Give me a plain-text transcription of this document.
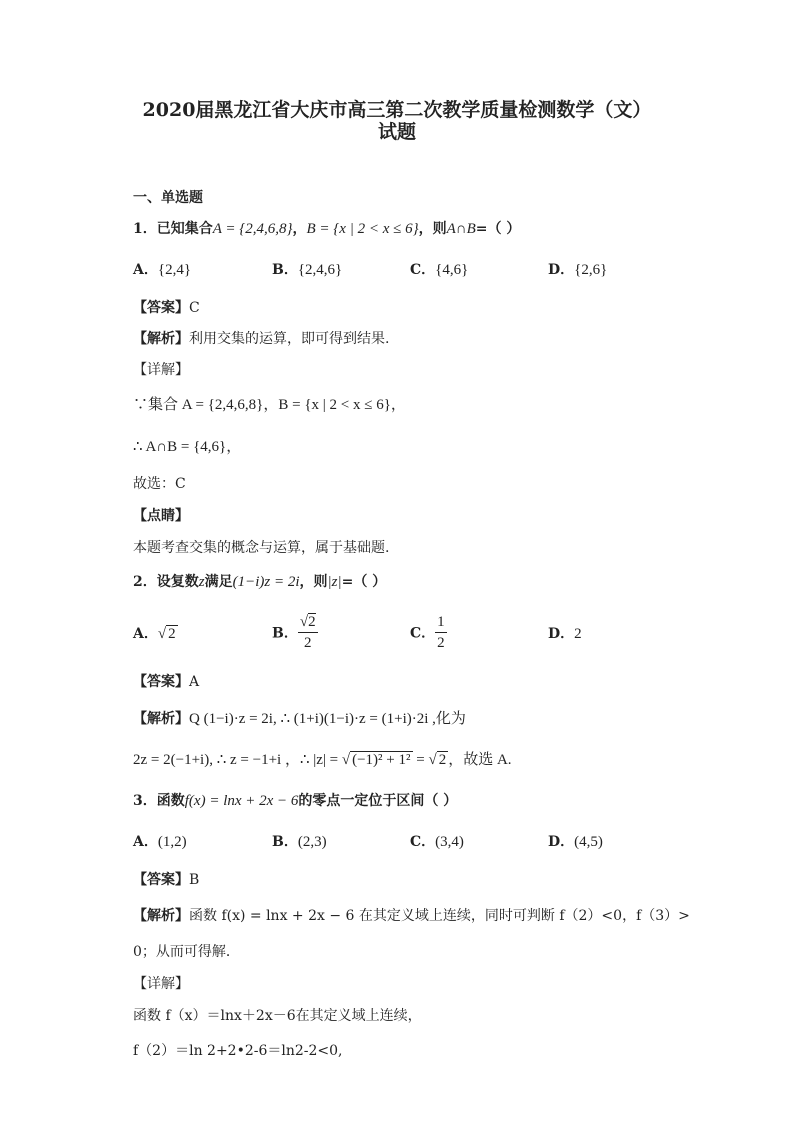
2020届黑龙江省大庆市高三第二次教学质量检测数学（文）
试题
一、单选题
1．已知集合A = {2,4,6,8}，B = {x | 2 < x ≤ 6}，则A∩B=（ ）
A．{2,4}	B．{2,4,6}	C．{4,6}	D．{2,6}
【答案】C
【解析】利用交集的运算，即可得到结果.
【详解】
∵集合 A = {2,4,6,8}，B = {x | 2 < x ≤ 6}，
∴ A∩B = {4,6}，
故选：C
【点睛】
本题考查交集的概念与运算，属于基础题.
2．设复数z满足(1−i)z = 2i，则|z|=（ ）
A．√ 2	B． $\frac{√2}{2}$	C． $\frac{1}{2}$	D．2
【答案】A
【解析】Q (1−i)·z = 2i, ∴ (1+i)(1−i)·z = (1+i)·2i ,化为
2z = 2(−1+i), ∴ z = −1+i ，∴ |z| = √ (−1)² + 1² = √ 2 ，故选 A.
3．函数f(x) = lnx + 2x − 6的零点一定位于区间（ ）
A．(1,2)	B．(2,3)	C．(3,4)	D．(4,5)
【答案】B
【解析】函数 f(x) = lnx + 2x − 6 在其定义域上连续，同时可判断 f（2）<0，f（3）>
0；从而可得解．
【详解】
函数 f（x）＝lnx＋2x－6在其定义域上连续，
f（2）＝ln 2+2•2-6＝ln2-2<0,
